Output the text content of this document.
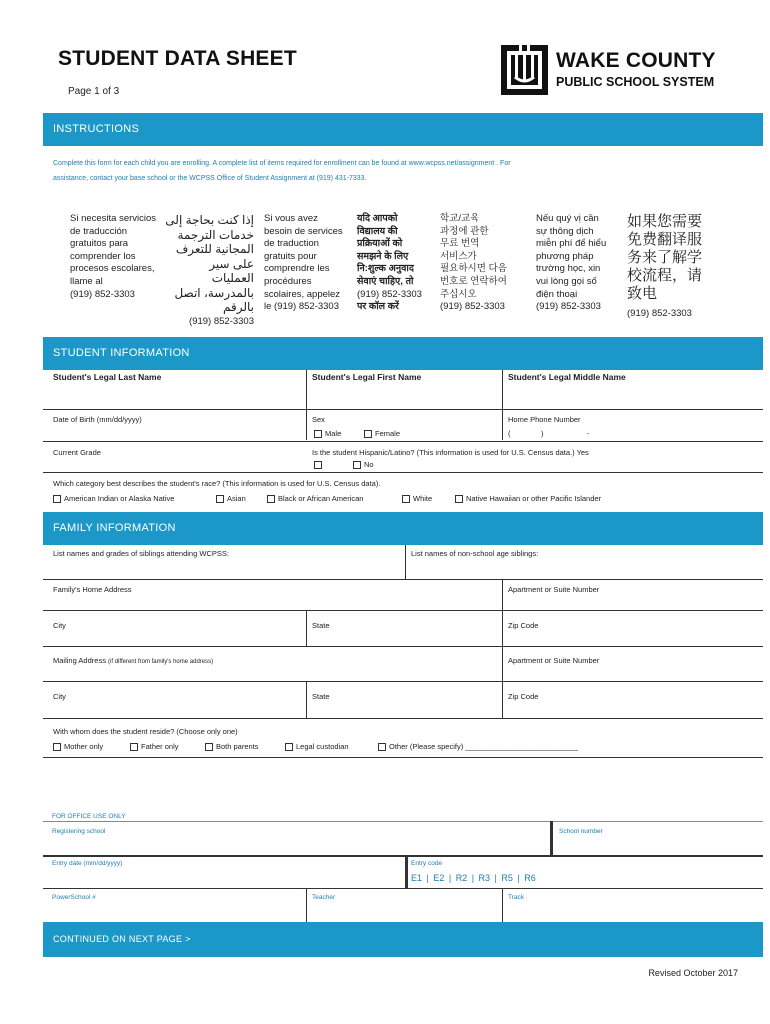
STUDENT DATA SHEET
Page 1 of 3
WAKE COUNTY
PUBLIC SCHOOL SYSTEM
INSTRUCTIONS
Complete this form for each child you are enrolling. A complete list of items required for enrollment can be found at www.wcpss.net/assignment . For
assistance, contact your base school or the WCPSS Office of Student Assignment at (919) 431-7333.
Si necesita servicios
de traducción
gratuitos para
comprender los
procesos escolares,
llame al
(919) 852-3303
إذا كنت بحاجة إلى
خدمات الترجمة
المجانية للتعرف
على سير العمليات
بالمدرسة، اتصل
بالرقم
(919) 852-3303
Si vous avez
besoin de services
de traduction
gratuits pour
comprendre les
procédures
scolaires, appelez
le (919) 852-3303
यदि आपको
विद्यालय की
प्रक्रियाओं को
समझने के लिए
नि:शुल्क अनुवाद
सेवाएं चाहिए, तो
(919) 852-3303
पर कॉल करें
학교/교육
과정에 관한
무료 번역
서비스가
필요하시면 다음
번호로 연락하여
주십시오
(919) 852-3303
Nếu quý vị cần
sự thông dịch
miễn phí để hiểu
phương pháp
trường học, xin
vui lòng gọi số
điện thoại
(919) 852-3303
如果您需要
免费翻译服
务来了解学
校流程，请
致电
(919) 852-3303
STUDENT INFORMATION
Student's Legal Last Name	Student's Legal First Name	Student's Legal Middle Name
Date of Birth (mm/dd/yyyy)	Sex
Male	Female
Home Phone Number
(	)	-
Current Grade	Is the student Hispanic/Latino? (This information is used for U.S. Census data.) Yes
No
Which category best describes the student's race? (This information is used for U.S. Census data).
American Indian or Alaska Native	Asian	Black or African American	White	Native Hawaiian or other Pacific Islander
FAMILY INFORMATION
List names and grades of siblings attending WCPSS:	List names of non-school age siblings:
Family's Home Address	Apartment or Suite Number
City	State	Zip Code
Mailing Address (if different from family's home address)	Apartment or Suite Number
City	State	Zip Code
With whom does the student reside? (Choose only one)
Mother only	Father only	Both parents	Legal custodian	Other (Please specify) ___________________________
FOR OFFICE USE ONLY
Registering school	School number
Entry date (mm/dd/yyyy)	Entry code
E1 | E2 | R2 | R3 | R5 | R6
PowerSchool #	Teacher	Track
CONTINUED ON NEXT PAGE >
Revised October 2017
